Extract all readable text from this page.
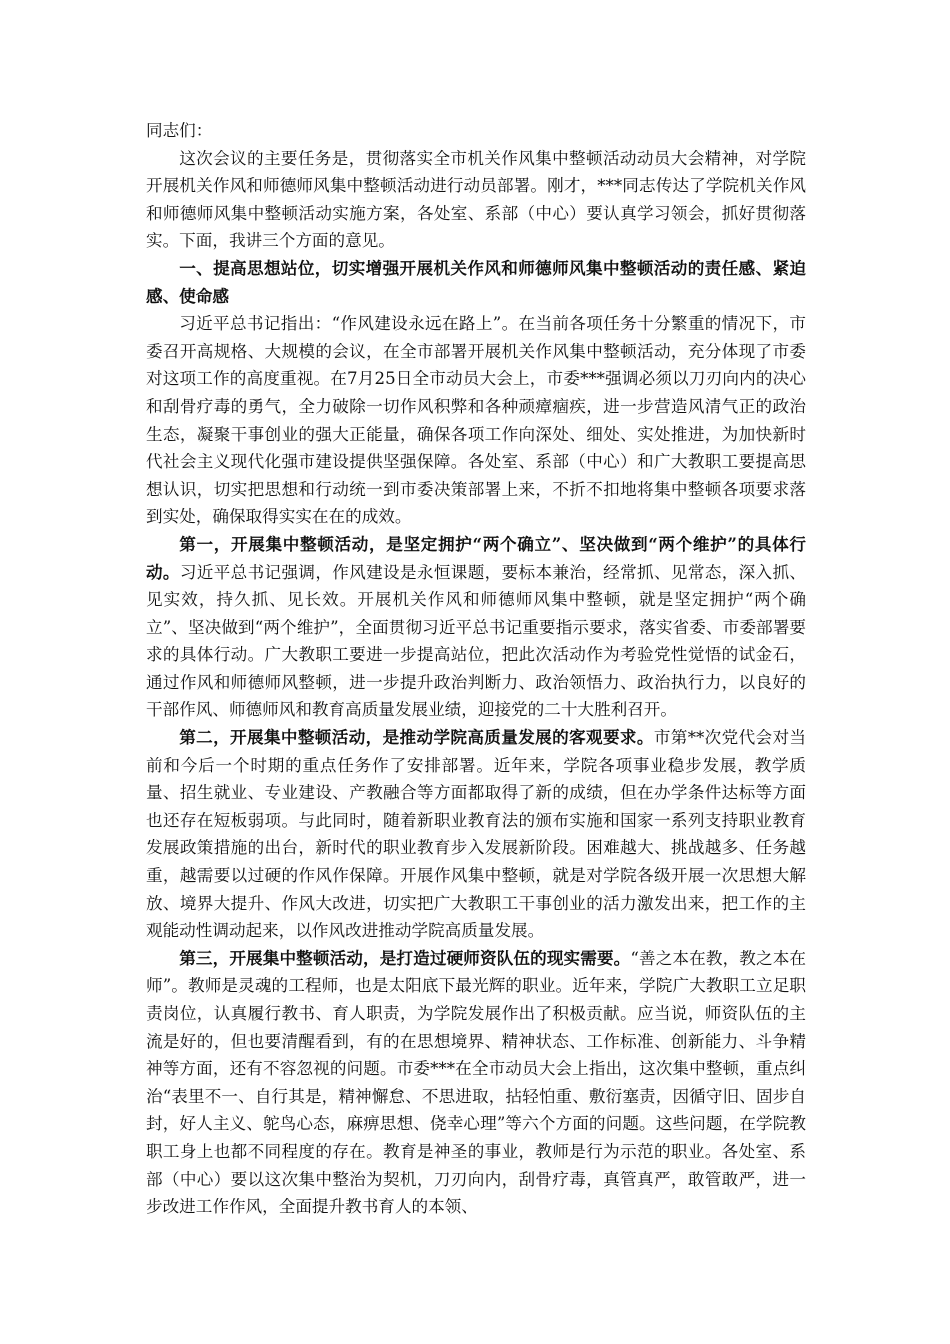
同志们：

这次会议的主要任务是，贯彻落实全市机关作风集中整顿活动动员大会精神，对学院开展机关作风和师德师风集中整顿活动进行动员部署。刚才，***同志传达了学院机关作风和师德师风集中整顿活动实施方案，各处室、系部（中心）要认真学习领会，抓好贯彻落实。下面，我讲三个方面的意见。

一、提高思想站位，切实增强开展机关作风和师德师风集中整顿活动的责任感、紧迫感、使命感

习近平总书记指出：“作风建设永远在路上”。在当前各项任务十分繁重的情况下，市委召开高规格、大规模的会议，在全市部署开展机关作风集中整顿活动，充分体现了市委对这项工作的高度重视。在7月25日全市动员大会上，市委***强调必须以刀刃向内的决心和刮骨疗毒的勇气，全力破除一切作风积弊和各种顽瘴痼疾，进一步营造风清气正的政治生态，凝聚干事创业的强大正能量，确保各项工作向深处、细处、实处推进，为加快新时代社会主义现代化强市建设提供坚强保障。各处室、系部（中心）和广大教职工要提高思想认识，切实把思想和行动统一到市委决策部署上来，不折不扣地将集中整顿各项要求落到实处，确保取得实实在在的成效。

第一，开展集中整顿活动，是坚定拥护“两个确立”、坚决做到“两个维护”的具体行动。习近平总书记强调，作风建设是永恒课题，要标本兼治，经常抓、见常态，深入抓、见实效，持久抓、见长效。开展机关作风和师德师风集中整顿，就是坚定拥护“两个确立”、坚决做到“两个维护”，全面贯彻习近平总书记重要指示要求，落实省委、市委部署要求的具体行动。广大教职工要进一步提高站位，把此次活动作为考验党性觉悟的试金石，通过作风和师德师风整顿，进一步提升政治判断力、政治领悟力、政治执行力，以良好的干部作风、师德师风和教育高质量发展业绩，迎接党的二十大胜利召开。

第二，开展集中整顿活动，是推动学院高质量发展的客观要求。市第**次党代会对当前和今后一个时期的重点任务作了安排部署。近年来，学院各项事业稳步发展，教学质量、招生就业、专业建设、产教融合等方面都取得了新的成绩，但在办学条件达标等方面也还存在短板弱项。与此同时，随着新职业教育法的颁布实施和国家一系列支持职业教育发展政策措施的出台，新时代的职业教育步入发展新阶段。困难越大、挑战越多、任务越重，越需要以过硬的作风作保障。开展作风集中整顿，就是对学院各级开展一次思想大解放、境界大提升、作风大改进，切实把广大教职工干事创业的活力激发出来，把工作的主观能动性调动起来，以作风改进推动学院高质量发展。

第三，开展集中整顿活动，是打造过硬师资队伍的现实需要。“善之本在教，教之本在师”。教师是灵魂的工程师，也是太阳底下最光辉的职业。近年来，学院广大教职工立足职责岗位，认真履行教书、育人职责，为学院发展作出了积极贡献。应当说，师资队伍的主流是好的，但也要清醒看到，有的在思想境界、精神状态、工作标准、创新能力、斗争精神等方面，还有不容忽视的问题。市委***在全市动员大会上指出，这次集中整顿，重点纠治“表里不一、自行其是，精神懈怠、不思进取，拈轻怕重、敷衍塞责，因循守旧、固步自封，好人主义、鸵鸟心态，麻痹思想、侥幸心理”等六个方面的问题。这些问题，在学院教职工身上也都不同程度的存在。教育是神圣的事业，教师是行为示范的职业。各处室、系部（中心）要以这次集中整治为契机，刀刃向内，刮骨疗毒，真管真严，敢管敢严，进一步改进工作作风，全面提升教书育人的本领、
